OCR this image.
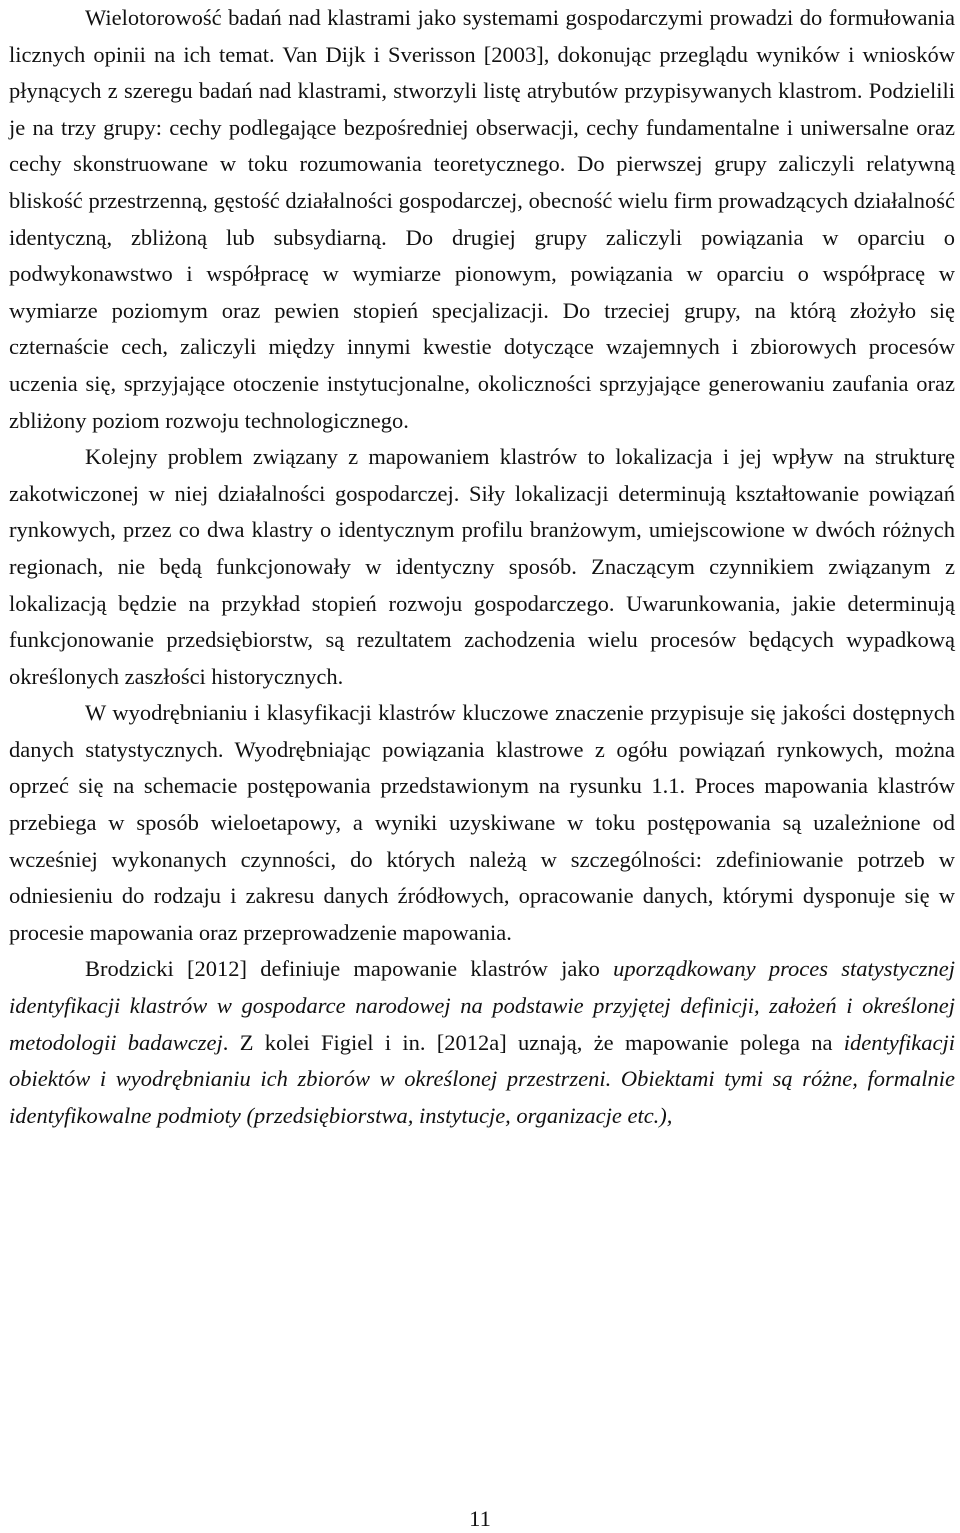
Wielotorowość badań nad klastrami jako systemami gospodarczymi prowadzi do formułowania licznych opinii na ich temat. Van Dijk i Sverisson [2003], dokonując przeglądu wyników i wniosków płynących z szeregu badań nad klastrami, stworzyli listę atrybutów przypisywanych klastrom. Podzielili je na trzy grupy: cechy podlegające bezpośredniej obserwacji, cechy fundamentalne i uniwersalne oraz cechy skonstruowane w toku rozumowania teoretycznego. Do pierwszej grupy zaliczyli relatywną bliskość przestrzenną, gęstość działalności gospodarczej, obecność wielu firm prowadzących działalność identyczną, zbliżoną lub subsydiarną. Do drugiej grupy zaliczyli powiązania w oparciu o podwykonawstwo i współpracę w wymiarze pionowym, powiązania w oparciu o współpracę w wymiarze poziomym oraz pewien stopień specjalizacji. Do trzeciej grupy, na którą złożyło się czternaście cech, zaliczyli między innymi kwestie dotyczące wzajemnych i zbiorowych procesów uczenia się, sprzyjające otoczenie instytucjonalne, okoliczności sprzyjające generowaniu zaufania oraz zbliżony poziom rozwoju technologicznego.

Kolejny problem związany z mapowaniem klastrów to lokalizacja i jej wpływ na strukturę zakotwiczonej w niej działalności gospodarczej. Siły lokalizacji determinują kształtowanie powiązań rynkowych, przez co dwa klastry o identycznym profilu branżowym, umiejscowione w dwóch różnych regionach, nie będą funkcjonowały w identyczny sposób. Znaczącym czynnikiem związanym z lokalizacją będzie na przykład stopień rozwoju gospodarczego. Uwarunkowania, jakie determinują funkcjonowanie przedsiębiorstw, są rezultatem zachodzenia wielu procesów będących wypadkową określonych zaszłości historycznych.

W wyodrębnianiu i klasyfikacji klastrów kluczowe znaczenie przypisuje się jakości dostępnych danych statystycznych. Wyodrębniając powiązania klastrowe z ogółu powiązań rynkowych, można oprzeć się na schemacie postępowania przedstawionym na rysunku 1.1. Proces mapowania klastrów przebiega w sposób wieloetapowy, a wyniki uzyskiwane w toku postępowania są uzależnione od wcześniej wykonanych czynności, do których należą w szczególności: zdefiniowanie potrzeb w odniesieniu do rodzaju i zakresu danych źródłowych, opracowanie danych, którymi dysponuje się w procesie mapowania oraz przeprowadzenie mapowania.

Brodzicki [2012] definiuje mapowanie klastrów jako uporządkowany proces statystycznej identyfikacji klastrów w gospodarce narodowej na podstawie przyjętej definicji, założeń i określonej metodologii badawczej. Z kolei Figiel i in. [2012a] uznają, że mapowanie polega na identyfikacji obiektów i wyodrębnianiu ich zbiorów w określonej przestrzeni. Obiektami tymi są różne, formalnie identyfikowalne podmioty (przedsiębiorstwa, instytucje, organizacje etc.),

11
